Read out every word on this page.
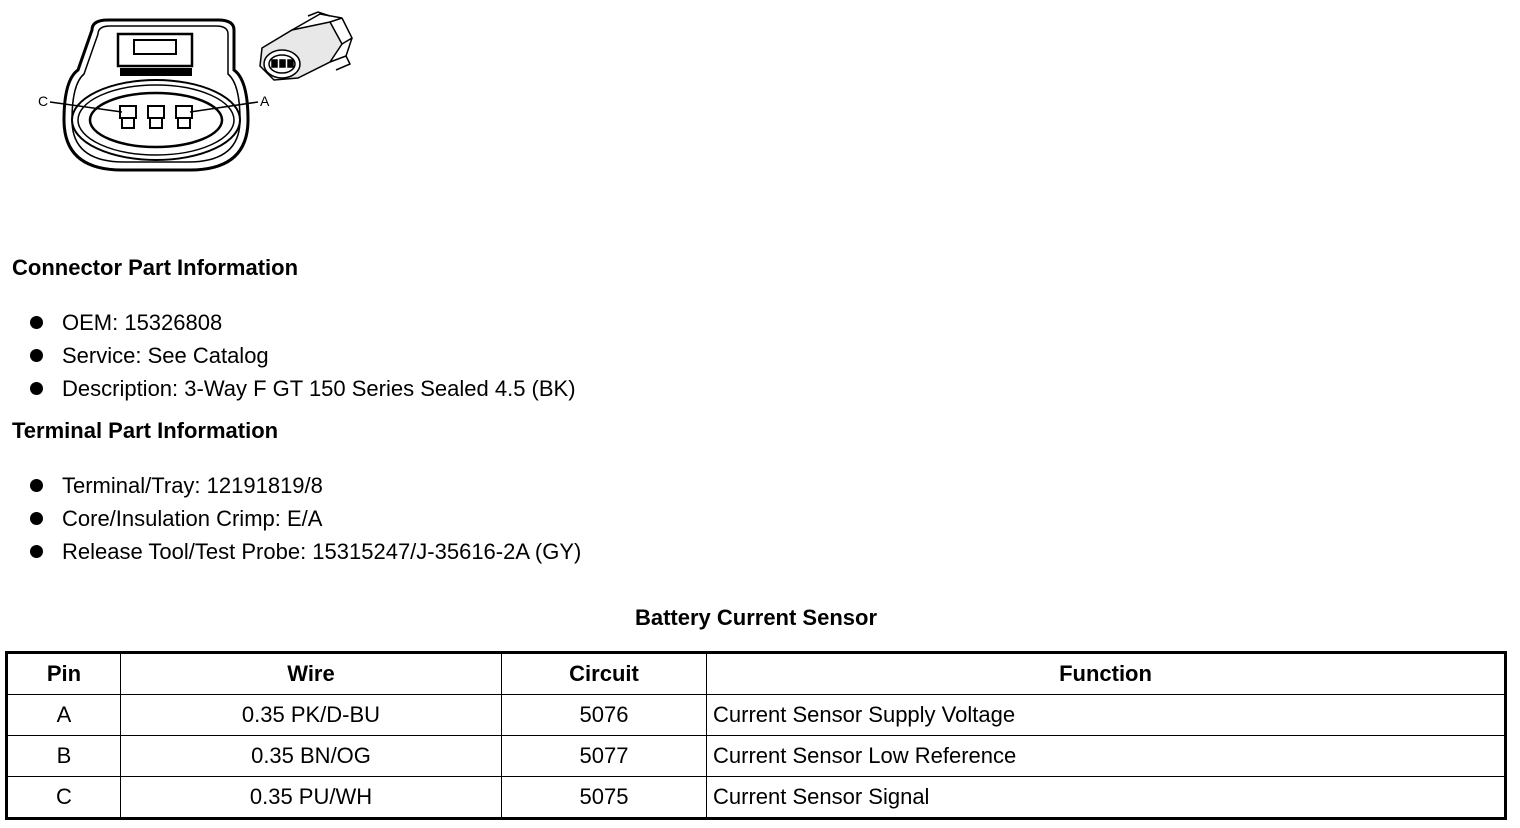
C	A
Connector Part Information
OEM: 15326808
Service: See Catalog
Description: 3-Way F GT 150 Series Sealed 4.5 (BK)
Terminal Part Information
Terminal/Tray: 12191819/8
Core/Insulation Crimp: E/A
Release Tool/Test Probe: 15315247/J-35616-2A (GY)
Battery Current Sensor
Pin	Wire	Circuit	Function
A	0.35 PK/D-BU	5076	Current Sensor Supply Voltage
B	0.35 BN/OG	5077	Current Sensor Low Reference
C	0.35 PU/WH	5075	Current Sensor Signal
